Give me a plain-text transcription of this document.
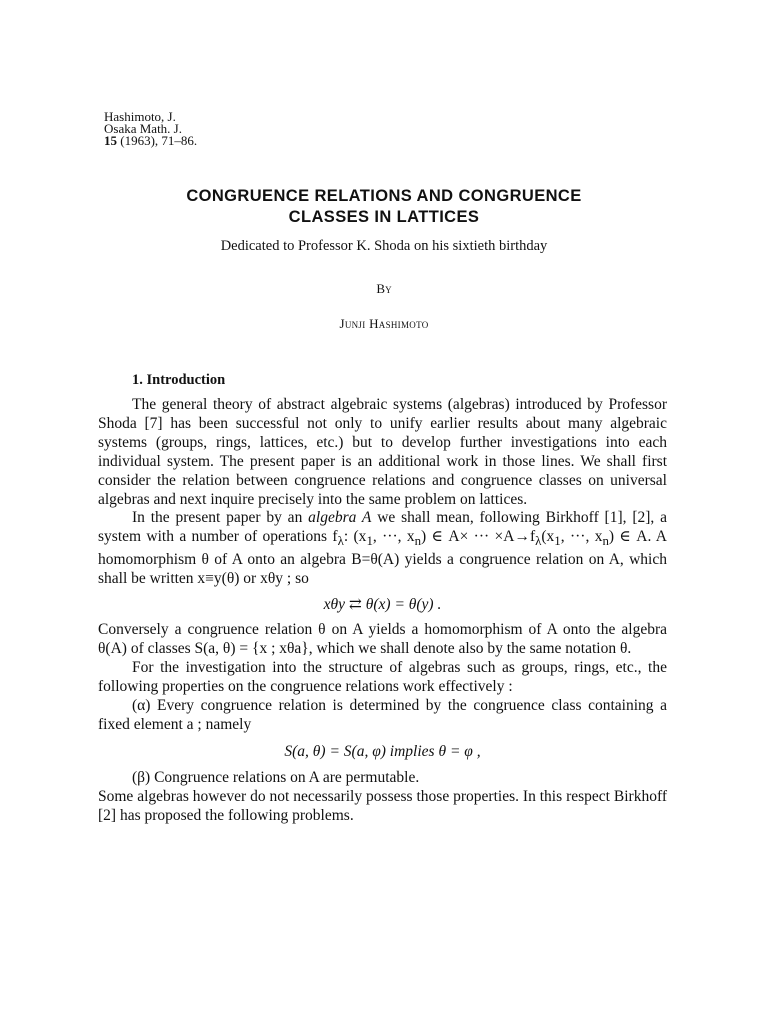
Hashimoto, J.
Osaka Math. J.
15 (1963), 71–86.
CONGRUENCE RELATIONS AND CONGRUENCE
CLASSES IN LATTICES
Dedicated to Professor K. Shoda on his sixtieth birthday
By
Junji Hashimoto
1. Introduction

The general theory of abstract algebraic systems (algebras) introduced by Professor Shoda [7] has been successful not only to unify earlier results about many algebraic systems (groups, rings, lattices, etc.) but to develop further investigations into each individual system. The present paper is an additional work in those lines. We shall first consider the relation between congruence relations and congruence classes on universal algebras and next inquire precisely into the same problem on lattices.

In the present paper by an algebra A we shall mean, following Birkhoff [1], [2], a system with a number of operations $f_\lambda$: ($x_1$, ···, $x_n$) ∈ A× ··· $\times A\to f_\lambda(x_1$, ···, $x_n$) ∈ A. A homomorphism θ of A onto an algebra B=θ(A) yields a congruence relation on A, which shall be written x≡y(θ) or xθy ; so

xθy ⇄ θ(x) = θ(y) .

Conversely a congruence relation θ on A yields a homomorphism of A onto the algebra θ(A) of classes S(a, θ) = {x ; xθa}, which we shall denote also by the same notation θ.

For the investigation into the structure of algebras such as groups, rings, etc., the following properties on the congruence relations work effectively :

(α) Every congruence relation is determined by the congruence class containing a fixed element a ; namely

S(a, θ) = S(a, φ) implies θ = φ ,

(β) Congruence relations on A are permutable.

Some algebras however do not necessarily possess those properties. In this respect Birkhoff [2] has proposed the following problems.
